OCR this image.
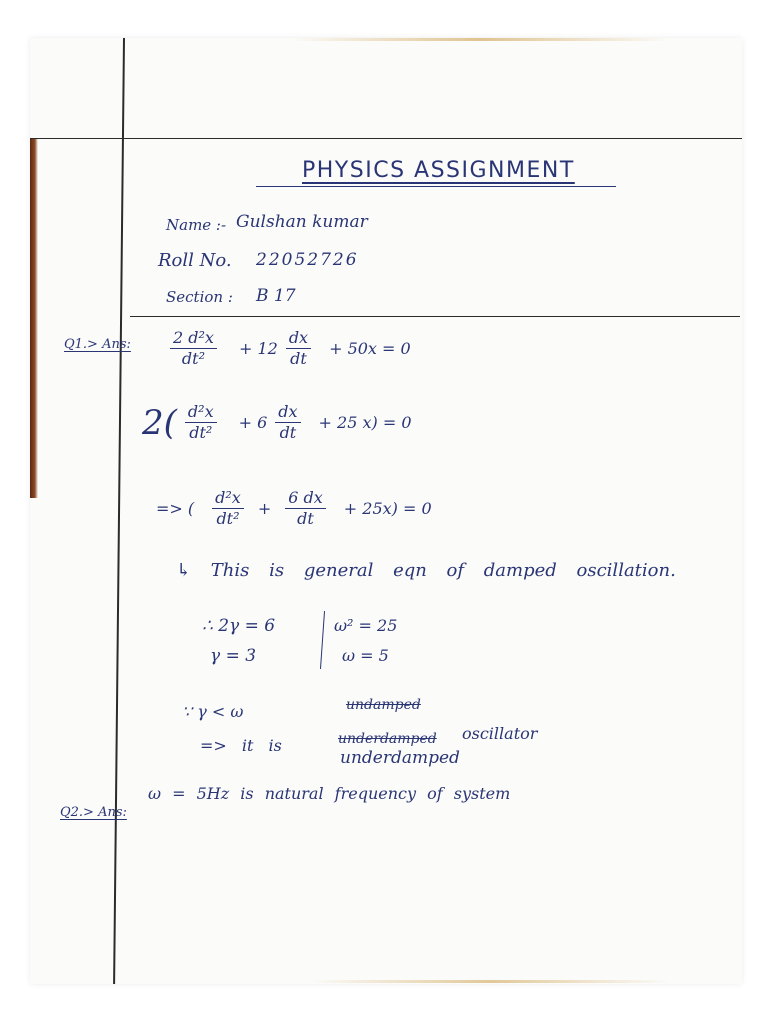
PHYSICS ASSIGNMENT
Name :- Gulshan kumar
Roll No. 22052726
Section : B 17
Q1.> Ans: $\frac{\text{2 d²x}}{\text{dt²}} + 12 \frac{dx}{dt} + 50x = 0$
$2( \frac{\text{d²x}}{\text{dt²}} + 6 \frac{dx}{dt} + 25$ x) = 0
=> ( $\frac{\text{d²x}}{\text{dt²}} + \frac{6 dx}{dt} + 25x) = 0$
↳ This is general eqn of damped oscillation.
∴ 2γ = 6
γ = 3
ω² = 25
ω = 5
∵ γ < ω	undamped
=> it is	underdamped oscillator
underdamped
Q2.> Ans:
ω = 5Hz is natural frequency of system
